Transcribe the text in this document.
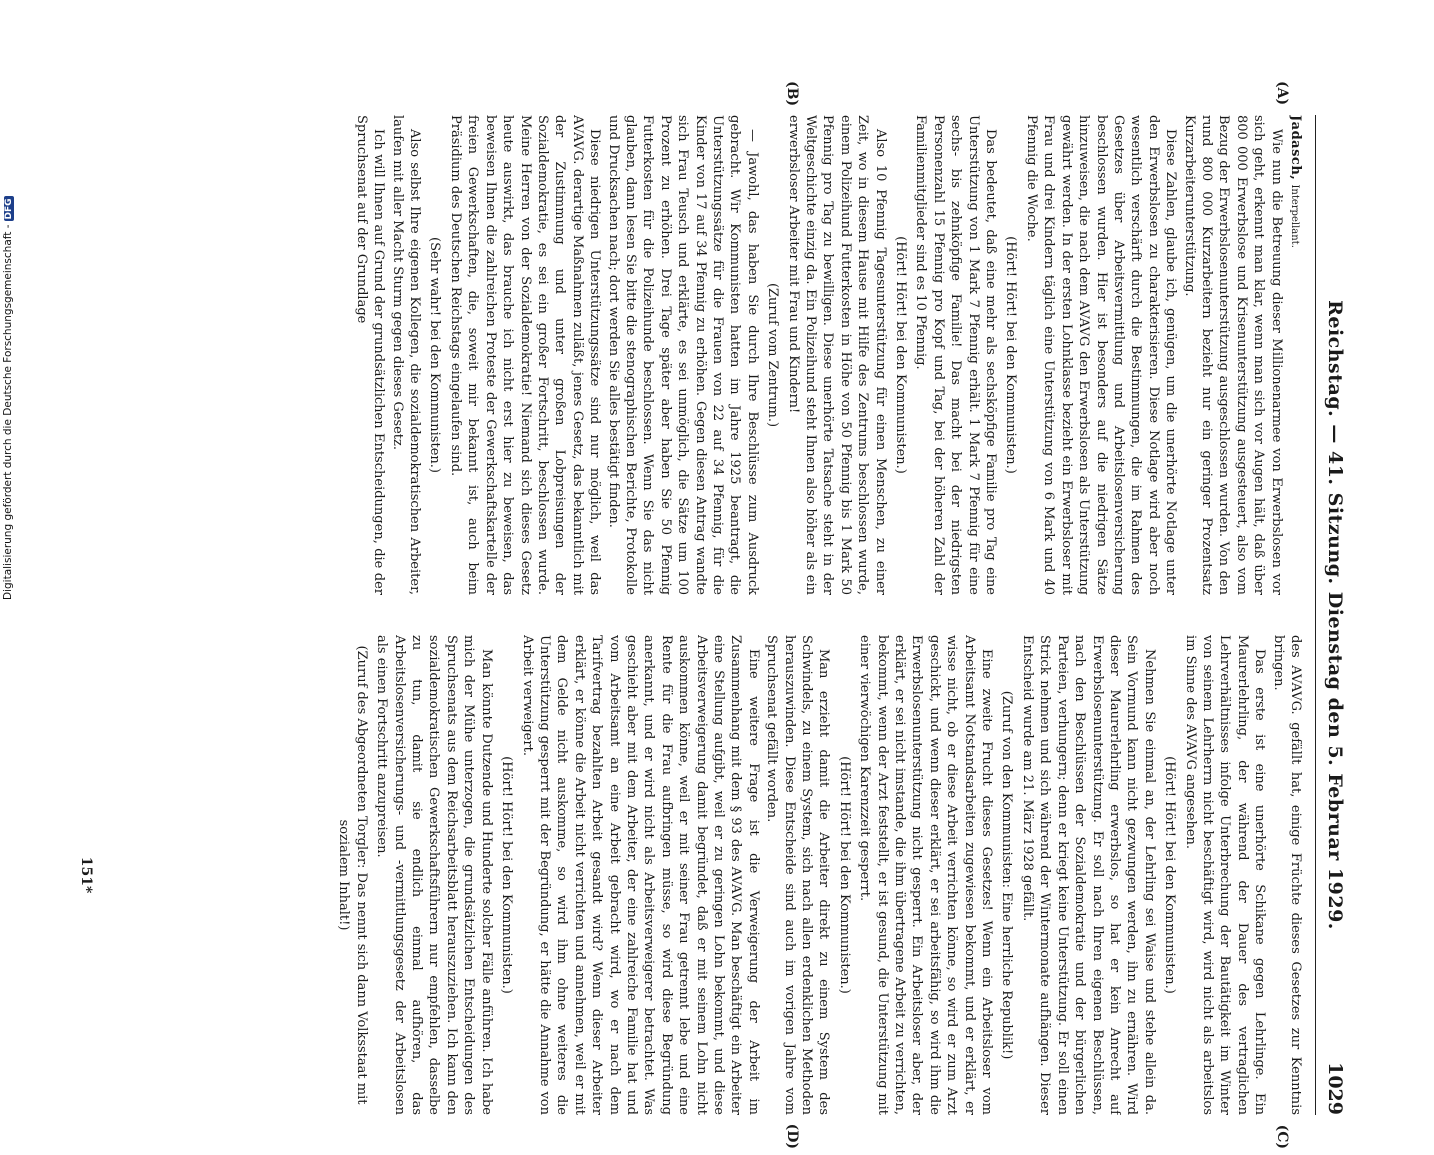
Digitalisierung gefördert durch die Deutsche Forschungsgemeinschaft -DFG
Reichstag. — 41. Sitzung. Dienstag den 5. Februar 1929.
1029
(A)
(B)
(C)
(D)

Jadasch, Interpellant.

Wie nun die Betreuung dieser Millionenarmee von Erwerbslosen vor sich geht, erkennt man klar, wenn man sich vor Augen hält, daß über 800 000 Erwerbslose und Krisenunterstützung ausgesteuert, also vom Bezug der Erwerbslosenunterstützung ausgeschlossen wurden. Von den rund 800 000 Kurzarbeitern bezieht nur ein geringer Prozentsatz Kurzarbeiterunterstützung.

Diese Zahlen, glaube ich, genügen, um die unerhörte Notlage unter den Erwerbslosen zu charakterisieren. Diese Notlage wird aber noch wesentlich verschärft durch die Bestimmungen, die im Rahmen des Gesetzes über Arbeitsvermittlung und Arbeitslosenversicherung beschlossen wurden. Hier ist besonders auf die niedrigen Sätze hinzuweisen, die nach dem AVAVG den Erwerbslosen als Unterstützung gewährt werden. In der ersten Lohnklasse bezieht ein Erwerbsloser mit Frau und drei Kindern täglich eine Unterstützung von 6 Mark und 40 Pfennig die Woche.

(Hört! Hört! bei den Kommunisten.)

Das bedeutet, daß eine mehr als sechsköpfige Familie pro Tag eine Unterstützung von 1 Mark 7 Pfennig erhält. 1 Mark 7 Pfennig für eine sechs- bis zehnköpfige Familie! Das macht bei der niedrigsten Personenzahl 15 Pfennig pro Kopf und Tag, bei der höheren Zahl der Familienmitglieder sind es 10 Pfennig.

(Hört! Hört! bei den Kommunisten.)

Also 10 Pfennig Tagesunterstützung für einen Menschen, zu einer Zeit, wo in diesem Hause mit Hilfe des Zentrums beschlossen wurde, einem Polizeihund Futterkosten in Höhe von 50 Pfennig bis 1 Mark 50 Pfennig pro Tag zu bewilligen. Diese unerhörte Tatsache steht in der Weltgeschichte einzig da. Ein Polizeihund steht Ihnen also höher als ein erwerbsloser Arbeiter mit Frau und Kindern!

(Zuruf vom Zentrum.)

— Jawohl, das haben Sie durch Ihre Beschlüsse zum Ausdruck gebracht. Wir Kommunisten hatten im Jahre 1925 beantragt, die Unterstützungssätze für die Frauen von 22 auf 34 Pfennig, für die Kinder von 17 auf 34 Pfennig zu erhöhen. Gegen diesen Antrag wandte sich Frau Teusch und erklärte, es sei unmöglich, die Sätze um 100 Prozent zu erhöhen. Drei Tage später aber haben Sie 50 Pfennig Futterkosten für die Polizeihunde beschlossen. Wenn Sie das nicht glauben, dann lesen Sie bitte die stenographischen Berichte, Protokolle und Drucksachen nach; dort werden Sie alles bestätigt finden.

Diese niedrigen Unterstützungssätze sind nur möglich, weil das AVAVG. derartige Maßnahmen zuläßt, jenes Gesetz, das bekanntlich mit der Zustimmung und unter großen Lobpreisungen der Sozialdemokratie, es sei ein großer Fortschritt, beschlossen wurde. Meine Herren von der Sozialdemokratie! Niemand sich dieses Gesetz heute auswirkt, das brauche ich nicht erst hier zu beweisen, das beweisen Ihnen die zahlreichen Proteste der Gewerkschaftskartelle der freien Gewerkschaften, die, soweit mir bekannt ist, auch beim Präsidium des Deutschen Reichstags eingelaufen sind.

(Sehr wahr! bei den Kommunisten.)

Also selbst Ihre eigenen Kollegen, die sozialdemokratischen Arbeiter, laufen mit aller Macht Sturm gegen dieses Gesetz.

Ich will Ihnen auf Grund der grundsätzlichen Entscheidungen, die der Spruchsenat auf der Grundlage

des AVAVG. gefällt hat, einige Früchte dieses Gesetzes zur Kenntnis bringen.

Das erste ist eine unerhörte Schikane gegen Lehrlinge. Ein Maurerlehrling, der während der Dauer des vertraglichen Lehrverhältnisses infolge Unterbrechung der Bautätigkeit im Winter von seinem Lehrherrn nicht beschäftigt wird, wird nicht als arbeitslos im Sinne des AVAVG angesehen.

(Hört! Hört! bei den Kommunisten.)

Nehmen Sie einmal an, der Lehrling sei Waise und stehe allein da. Sein Vormund kann nicht gezwungen werden, ihn zu ernähren. Wird dieser Maurerlehrling erwerbslos, so hat er kein Anrecht auf Erwerbslosenunterstützung. Er soll nach Ihren eigenen Beschlüssen, nach den Beschlüssen der Sozialdemokratie und der bürgerlichen Parteien, verhungern; denn er kriegt keine Unterstützung. Er soll einen Strick nehmen und sich während der Wintermonate aufhängen. Dieser Entscheid wurde am 21. März 1928 gefällt.

(Zuruf von den Kommunisten: Eine herrliche Republik!)

Eine zweite Frucht dieses Gesetzes! Wenn ein Arbeitsloser vom Arbeitsamt Notstandsarbeiten zugewiesen bekommt, und er erklärt, er wisse nicht, ob er diese Arbeit verrichten könne, so wird er zum Arzt geschickt, und wenn dieser erklärt, er sei arbeitsfähig, so wird ihm die Erwerbslosenunterstützung nicht gesperrt. Ein Arbeitsloser aber, der erklärt, er sei nicht imstande, die ihm übertragene Arbeit zu verrichten, bekommt, wenn der Arzt feststellt, er ist gesund, die Unterstützung mit einer vierwöchigen Karenzzeit gesperrt.

(Hört! Hört! bei den Kommunisten.)

Man erzieht damit die Arbeiter direkt zu einem System des Schwindels, zu einem System, sich nach allen erdenklichen Methoden herauszuwinden. Diese Entscheide sind auch im vorigen Jahre vom Spruchsenat gefällt worden.

Eine weitere Frage ist die Verweigerung der Arbeit im Zusammenhang mit dem § 93 des AVAVG. Man beschäftigt ein Arbeiter eine Stellung aufgibt, weil er zu geringen Lohn bekommt, und diese Arbeitsverweigerung damit begründet, daß er mit seinem Lohn nicht auskommen könne, weil er mit seiner Frau getrennt lebe und eine Rente für die Frau aufbringen müsse, so wird diese Begründung anerkannt, und er wird nicht als Arbeitsverweigerer betrachtet. Was geschieht aber mit dem Arbeiter, der eine zahlreiche Familie hat und vom Arbeitsamt an eine Arbeit gebracht wird, wo er nach dem Tarifvertrag bezahlten Arbeit gesandt wird? Wenn dieser Arbeiter erklärt, er könne die Arbeit nicht verrichten und annehmen, weil er mit dem Gelde nicht auskomme, so wird ihm ohne weiteres die Unterstützung gesperrt mit der Begründung, er hätte die Annahme von Arbeit verweigert.

(Hört! Hört! bei den Kommunisten.)

Man könnte Dutzende und Hunderte solcher Fälle anführen. Ich habe mich der Mühe unterzogen, die grundsätzlichen Entscheidungen des Spruchsenats aus dem Reichsarbeitsblatt herauszuziehen. Ich kann den sozialdemokratischen Gewerkschaftsführern nur empfehlen, dasselbe zu tun, damit sie endlich einmal aufhören, das Arbeitslosenversicherungs- und -vermittlungsgesetz der Arbeitslosen als einen Fortschritt anzupreisen.

(Zuruf des Abgeordneten Torgler: Das nennt sich dann Volksstaat mit sozialem Inhalt!)

151*
